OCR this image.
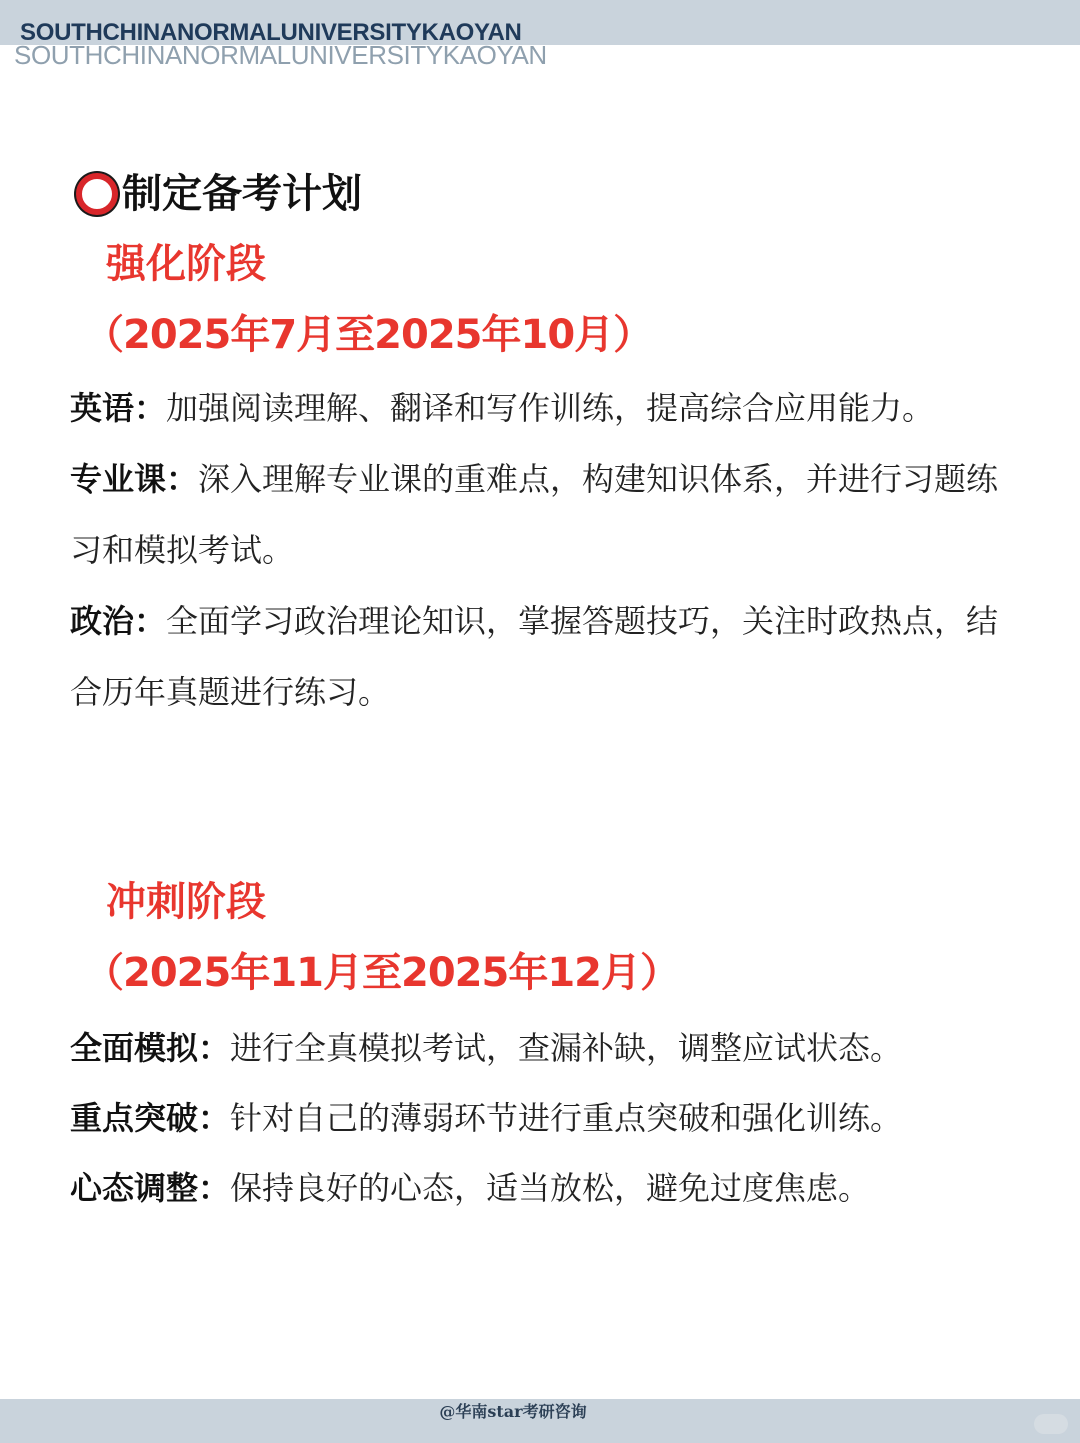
SOUTHCHINANORMALUNIVERSITYKAOYAN
SOUTHCHINANORMALUNIVERSITYKAOYAN
制定备考计划
强化阶段
（2025年7月至2025年10月）
英语：加强阅读理解、翻译和写作训练，提高综合应用能力。
专业课：深入理解专业课的重难点，构建知识体系，并进行习题练习和模拟考试。
政治：全面学习政治理论知识，掌握答题技巧，关注时政热点，结合历年真题进行练习。
冲刺阶段
（2025年11月至2025年12月）
全面模拟：进行全真模拟考试，查漏补缺，调整应试状态。
重点突破：针对自己的薄弱环节进行重点突破和强化训练。
心态调整：保持良好的心态，适当放松，避免过度焦虑。
@华南star考研咨询
